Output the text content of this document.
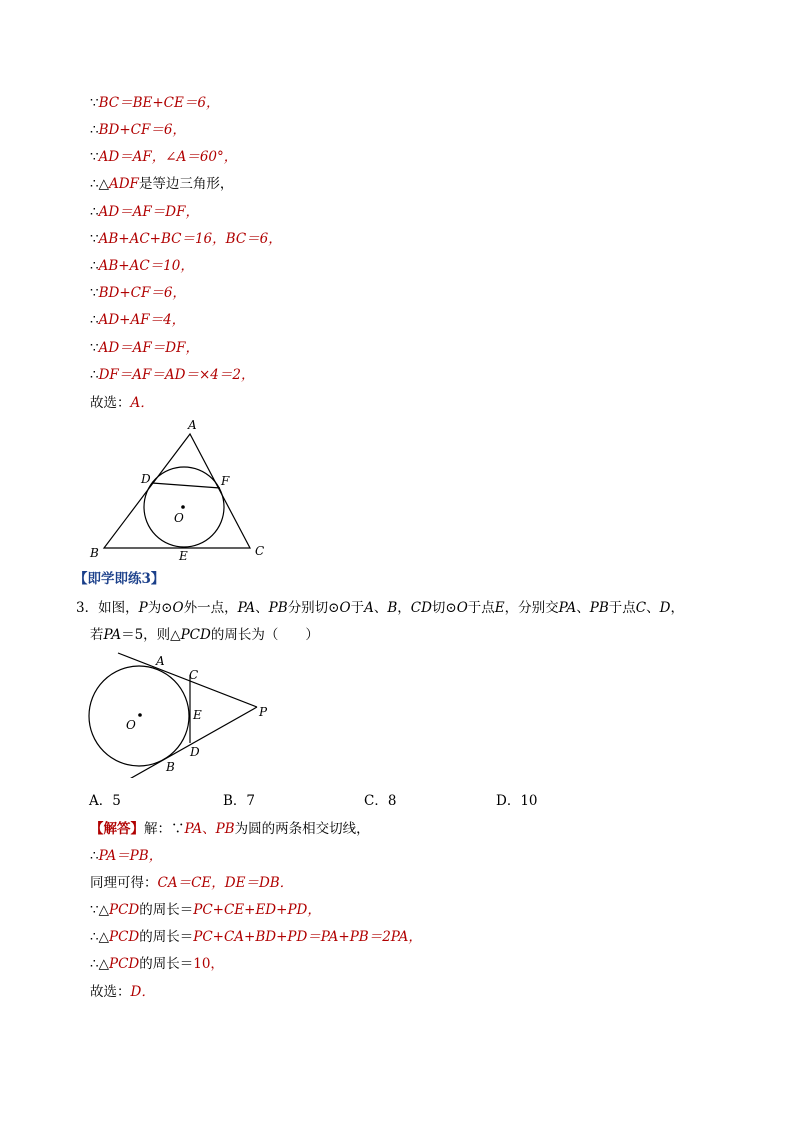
∵BC＝BE+CE＝6，
∴BD+CF＝6，
∵AD＝AF，∠A＝60°，
∴△ADF是等边三角形，
∴AD＝AF＝DF，
∵AB+AC+BC＝16，BC＝6，
∴AB+AC＝10，
∵BD+CF＝6，
∴AD+AF＝4，
∵AD＝AF＝DF，
∴DF＝AF＝AD＝×4＝2，
故选：A．
A
D	F
O
B	E	C
【即学即练3】
3．如图，P为⊙O外一点，PA、PB分别切⊙O于A、B，CD切⊙O于点E，分别交PA、PB于点C、D，
若PA＝5，则△PCD的周长为（　　）
A
C
P
E
O
D
B
A．5	B．7	C．8	D．10
【解答】解：∵PA、PB为圆的两条相交切线，
∴PA＝PB，
同理可得：CA＝CE，DE＝DB．
∵△PCD的周长＝PC+CE+ED+PD，
∴△PCD的周长＝PC+CA+BD+PD＝PA+PB＝2PA，
∴△PCD的周长＝10，
故选：D．
